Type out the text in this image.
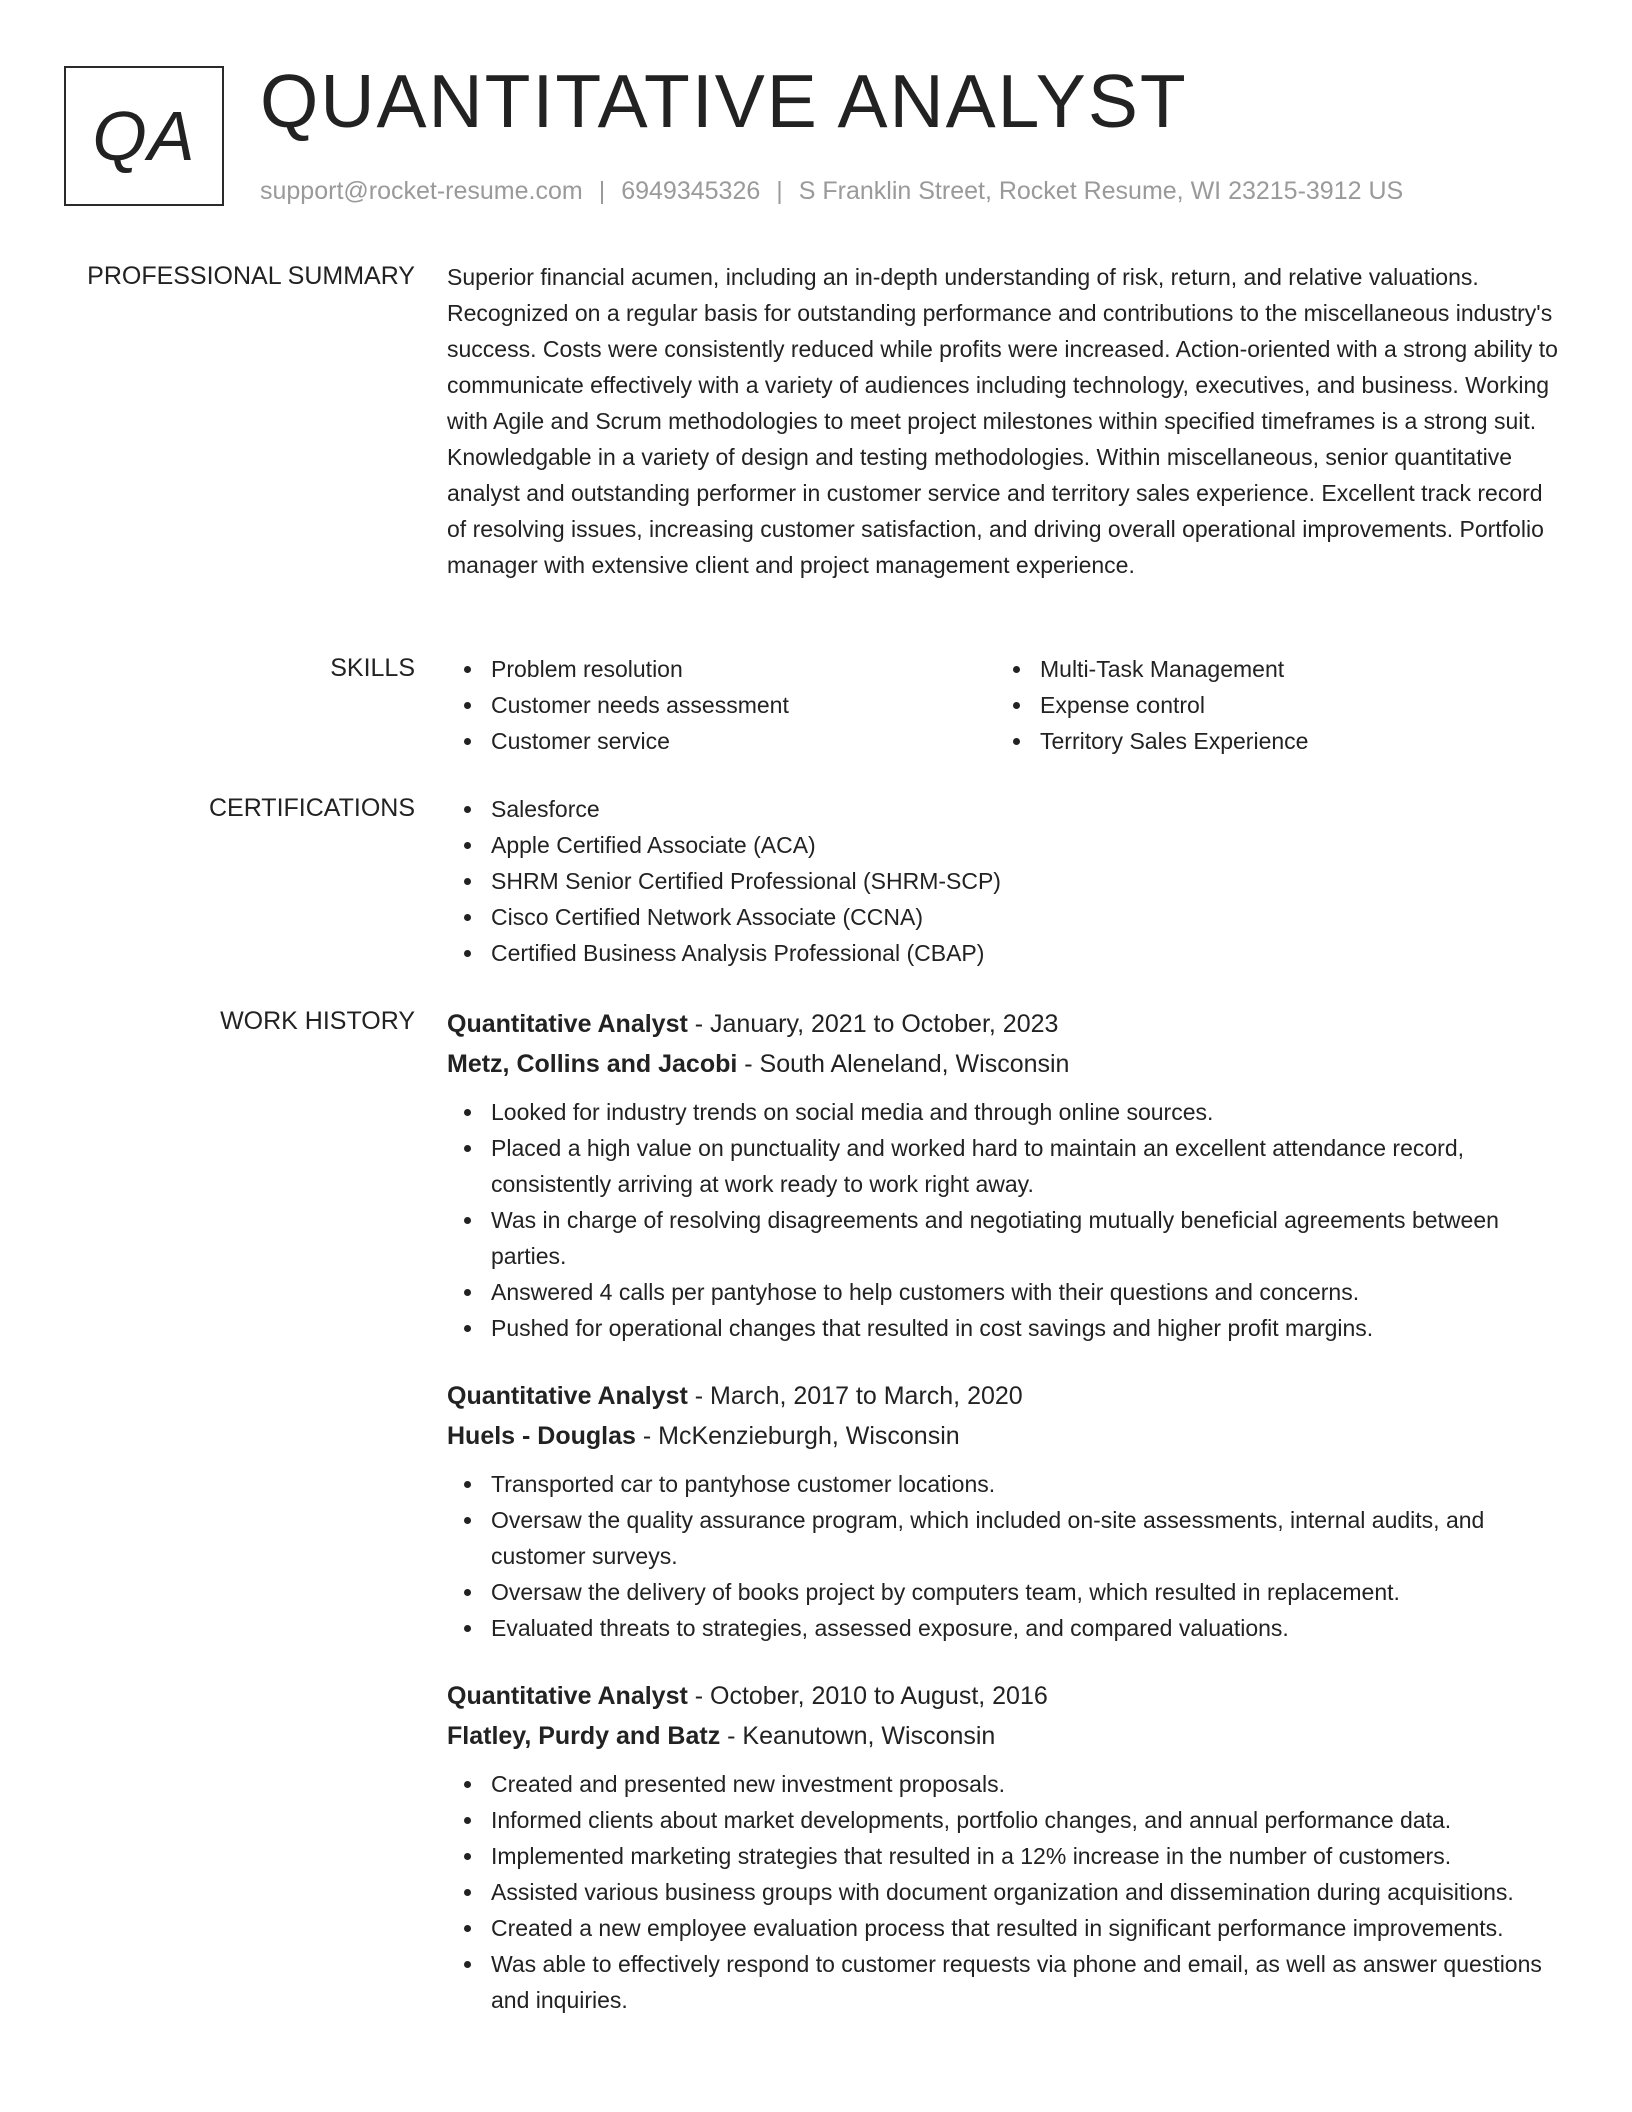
QA QUANTITATIVE ANALYST
support@rocket-resume.com | 6949345326 | S Franklin Street, Rocket Resume, WI 23215-3912 US
PROFESSIONAL SUMMARY Superior financial acumen, including an in-depth understanding of risk, return, and relative valuations. Recognized on a regular basis for outstanding performance and contributions to the miscellaneous industry's success. Costs were consistently reduced while profits were increased. Action-oriented with a strong ability to communicate effectively with a variety of audiences including technology, executives, and business. Working with Agile and Scrum methodologies to meet project milestones within specified timeframes is a strong suit. Knowledgable in a variety of design and testing methodologies. Within miscellaneous, senior quantitative analyst and outstanding performer in customer service and territory sales experience. Excellent track record of resolving issues, increasing customer satisfaction, and driving overall operational improvements. Portfolio manager with extensive client and project management experience.

SKILLS	Problem resolution
Customer needs assessment
Customer service
Multi-Task Management
Expense control
Territory Sales Experience
CERTIFICATIONS	Salesforce
Apple Certified Associate (ACA)
SHRM Senior Certified Professional (SHRM-SCP)
Cisco Certified Network Associate (CCNA)
Certified Business Analysis Professional (CBAP)
WORK HISTORY Quantitative Analyst - January, 2021 to October, 2023
Metz, Collins and Jacobi - South Aleneland, Wisconsin
Looked for industry trends on social media and through online sources.
Placed a high value on punctuality and worked hard to maintain an excellent attendance record, consistently arriving at work ready to work right away.
Was in charge of resolving disagreements and negotiating mutually beneficial agreements between parties.
Answered 4 calls per pantyhose to help customers with their questions and concerns.
Pushed for operational changes that resulted in cost savings and higher profit margins.
Quantitative Analyst - March, 2017 to March, 2020
Huels - Douglas - McKenzieburgh, Wisconsin
Transported car to pantyhose customer locations.
Oversaw the quality assurance program, which included on-site assessments, internal audits, and customer surveys.
Oversaw the delivery of books project by computers team, which resulted in replacement.
Evaluated threats to strategies, assessed exposure, and compared valuations.
Quantitative Analyst - October, 2010 to August, 2016
Flatley, Purdy and Batz - Keanutown, Wisconsin
Created and presented new investment proposals.
Informed clients about market developments, portfolio changes, and annual performance data.
Implemented marketing strategies that resulted in a 12% increase in the number of customers.
Assisted various business groups with document organization and dissemination during acquisitions.
Created a new employee evaluation process that resulted in significant performance improvements.
Was able to effectively respond to customer requests via phone and email, as well as answer questions and inquiries.
